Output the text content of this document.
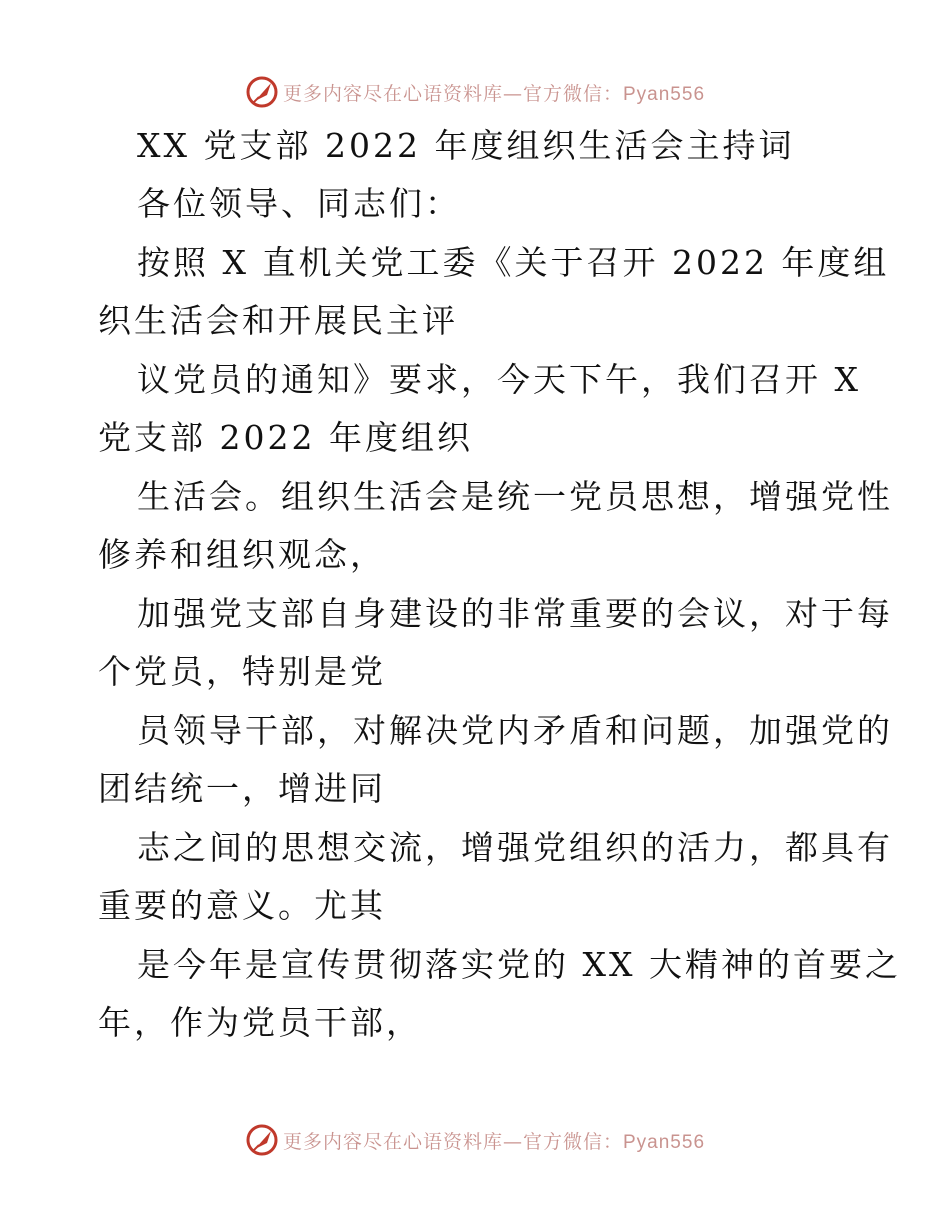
更多内容尽在心语资料库—官方微信：Pyan556
XX 党支部 2022 年度组织生活会主持词
各位领导、同志们：
按照 X 直机关党工委《关于召开 2022 年度组
织生活会和开展民主评
议党员的通知》要求，今天下午，我们召开 X
党支部 2022 年度组织
生活会。组织生活会是统一党员思想，增强党性
修养和组织观念，
加强党支部自身建设的非常重要的会议，对于每
个党员，特别是党
员领导干部，对解决党内矛盾和问题，加强党的
团结统一，增进同
志之间的思想交流，增强党组织的活力，都具有
重要的意义。尤其
是今年是宣传贯彻落实党的 XX 大精神的首要之
年，作为党员干部，
更多内容尽在心语资料库—官方微信：Pyan556
